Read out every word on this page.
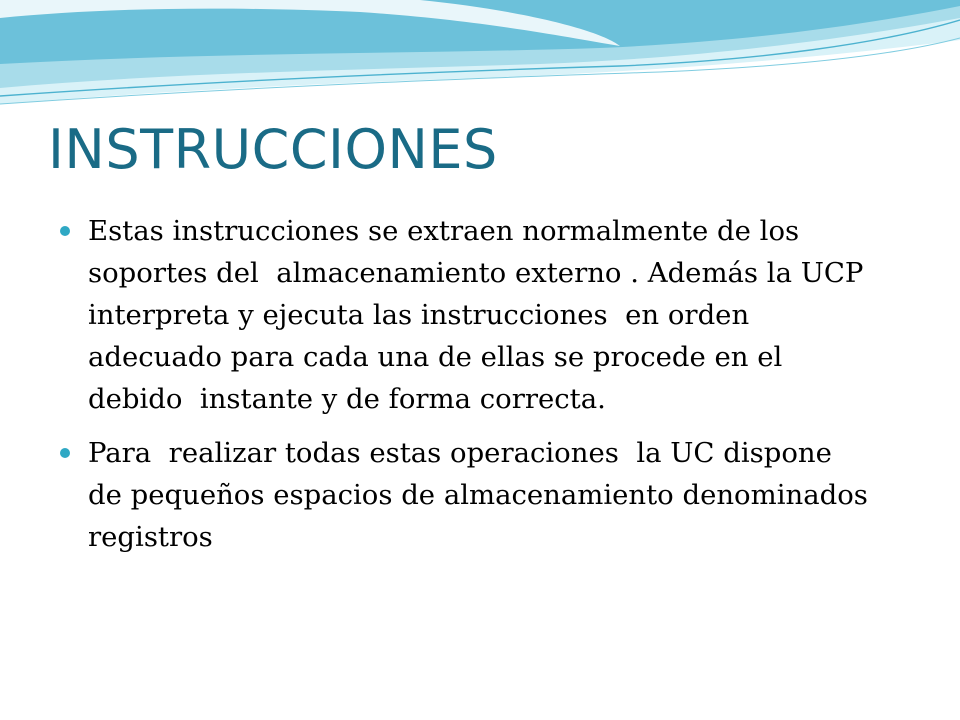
INSTRUCCIONES
Estas instrucciones se extraen normalmente de los soportes del  almacenamiento externo . Además la UCP interpreta y ejecuta las instrucciones  en orden adecuado para cada una de ellas se procede en el debido  instante y de forma correcta.
Para  realizar todas estas operaciones  la UC dispone de pequeños espacios de almacenamiento denominados registros
